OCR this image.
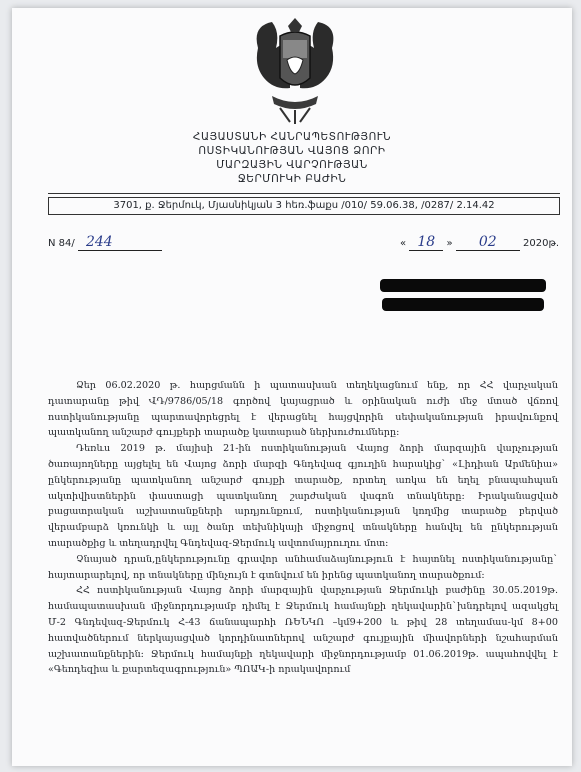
ՀԱՅԱՍՏԱՆԻ ՀԱՆՐԱՊԵՏՈՒԹՅՈՒՆ
ՈՍՏԻԿԱՆՈՒԹՅԱՆ ՎԱՅՈՑ ՁՈՐԻ
ՄԱՐԶԱՅԻՆ ՎԱՐՉՈՒԹՅԱՆ
ՋԵՐՄՈՒԿԻ ԲԱԺԻՆ
3701, ք. Ջերմուկ, Մյասնիկյան 3 հեռ.ֆաքս /010/ 59.06.38, /0287/ 2.14.42
N 84/ 244	« 18 » 02	2020թ.

Ձեր 06.02.2020 թ. հարցմանն ի պատասխան տեղեկացնում ենք, որ ՀՀ վարչական դատարանը թիվ ՎԴ/9786/05/18 գործով կայացրած և օրինական ուժի մեջ մտած վճռով ոստիկանությանը պարտավորեցրել է վերացնել հայցվորին սեփականության իրավունքով պատկանող անշարժ գույքերի տարածք կատարած ներխուժումները:

Դեռևս 2019 թ. մայիսի 21-ին ոստիկանության Վայոց ձորի մարզային վարչության ծառայողները այցելել են Վայոց ձորի մարզի Գնդեվազ գյուղին հարակից` «Լիդիան Արմենիա» ընկերությանը պատկանող անշարժ գույքի տարածք, որտեղ առկա են եղել բնապահպան ակտիվիստներին փաստացի պատկանող շարժական վագոն տնակները: Իրականացված բացատրական աշխատանքների արդյունքում, ոստիկանության կողմից տարածք բերված վերամբարձ կռունկի և այլ ծանր տեխնիկայի միջոցով տնակները հանվել են ընկերության տարածքից և տեղադրվել Գնդեվազ-Ջերմուկ ավտոմայրուղու մոտ:

Չնայած դրան,ընկերությունը գրավոր անհամաձայնություն է հայտնել ոստիկանությանը` հայտարարելով, որ տնակները մինչույն է գտնվում են իրենց պատկանող տարածքում:

ՀՀ ոստիկանության Վայոց ձորի մարզային վարչության Ջերմուկի բաժինը 30.05.2019թ. համապատասխան միջնորդությամբ դիմել է Ջերմուկ համայնքի ղեկավարին`խնդրելով ազակցել Մ-2 Գնդեվազ-Ջերմուկ Հ-43 ճանապարհի ՌԵՆԿՈ –կմ9+200 և թիվ 28 տեղամաս-կմ 8+00 հատվածներում ներկայացված կորդինատներով անշարժ գույքային միավորների նշահարման աշխատանքներին: Ջերմուկ համայնքի ղեկավարի միջնորդությամբ 01.06.2019թ. ապահովվել է «Գեոդեզիա և քարտեզագրություն» ՊՈԱԿ-ի որակավորում
